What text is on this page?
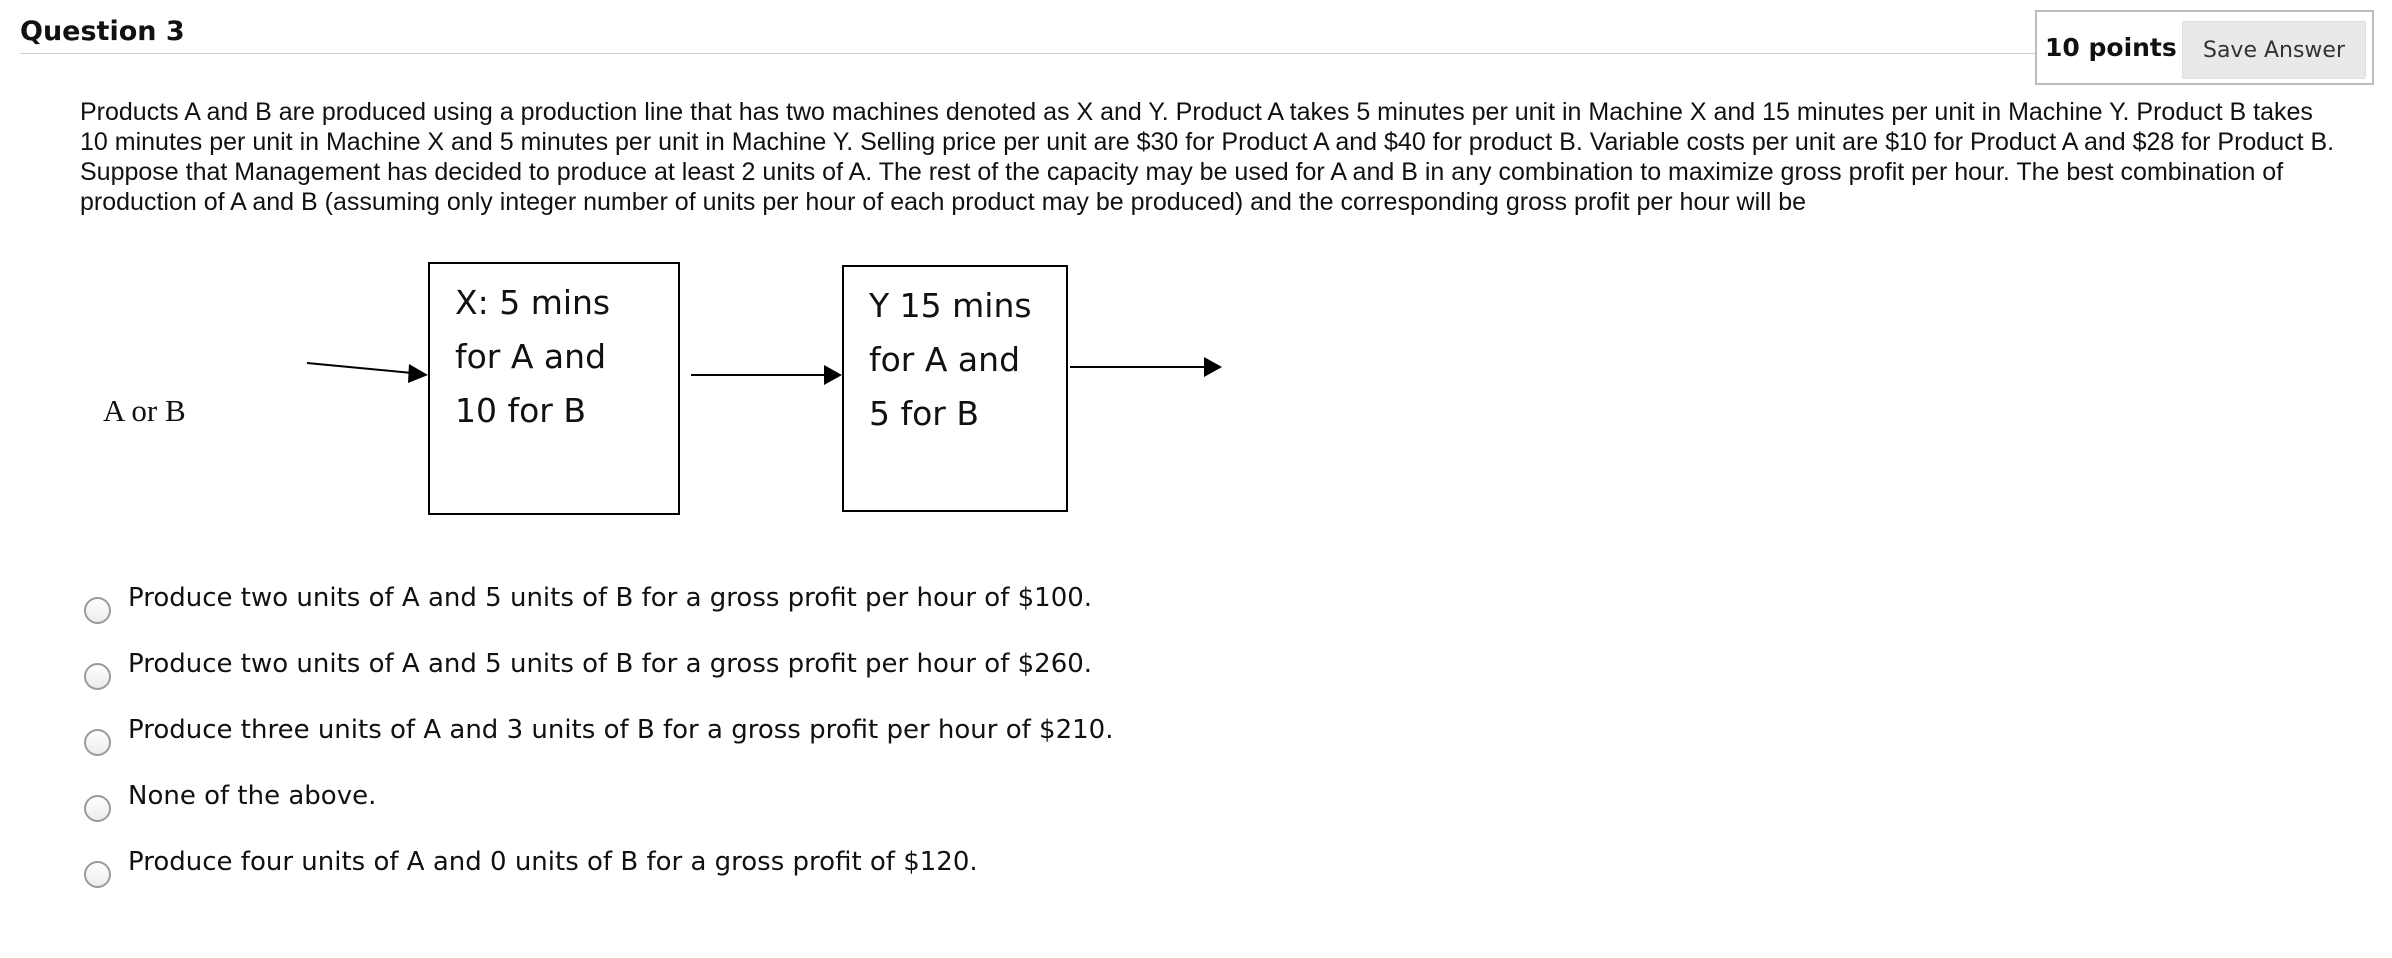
Question 3
10 points	Save Answer

Products A and B are produced using a production line that has two machines denoted as X and Y. Product A takes 5 minutes per unit in Machine X and 15 minutes per unit in Machine Y. Product B takes 10 minutes per unit in Machine X and 5 minutes per unit in Machine Y. Selling price per unit are $30 for Product A and $40 for product B. Variable costs per unit are $10 for Product A and $28 for Product B. Suppose that Management has decided to produce at least 2 units of A. The rest of the capacity may be used for A and B in any combination to maximize gross profit per hour. The best combination of production of A and B (assuming only integer number of units per hour of each product may be produced) and the corresponding gross profit per hour will be

A or B
X: 5 mins
for A and
10 for B
Y 15 mins
for A and
5 for B
Produce two units of A and 5 units of B for a gross profit per hour of $100.
Produce two units of A and 5 units of B for a gross profit per hour of $260.
Produce three units of A and 3 units of B for a gross profit per hour of $210.
None of the above.
Produce four units of A and 0 units of B for a gross profit of $120.
